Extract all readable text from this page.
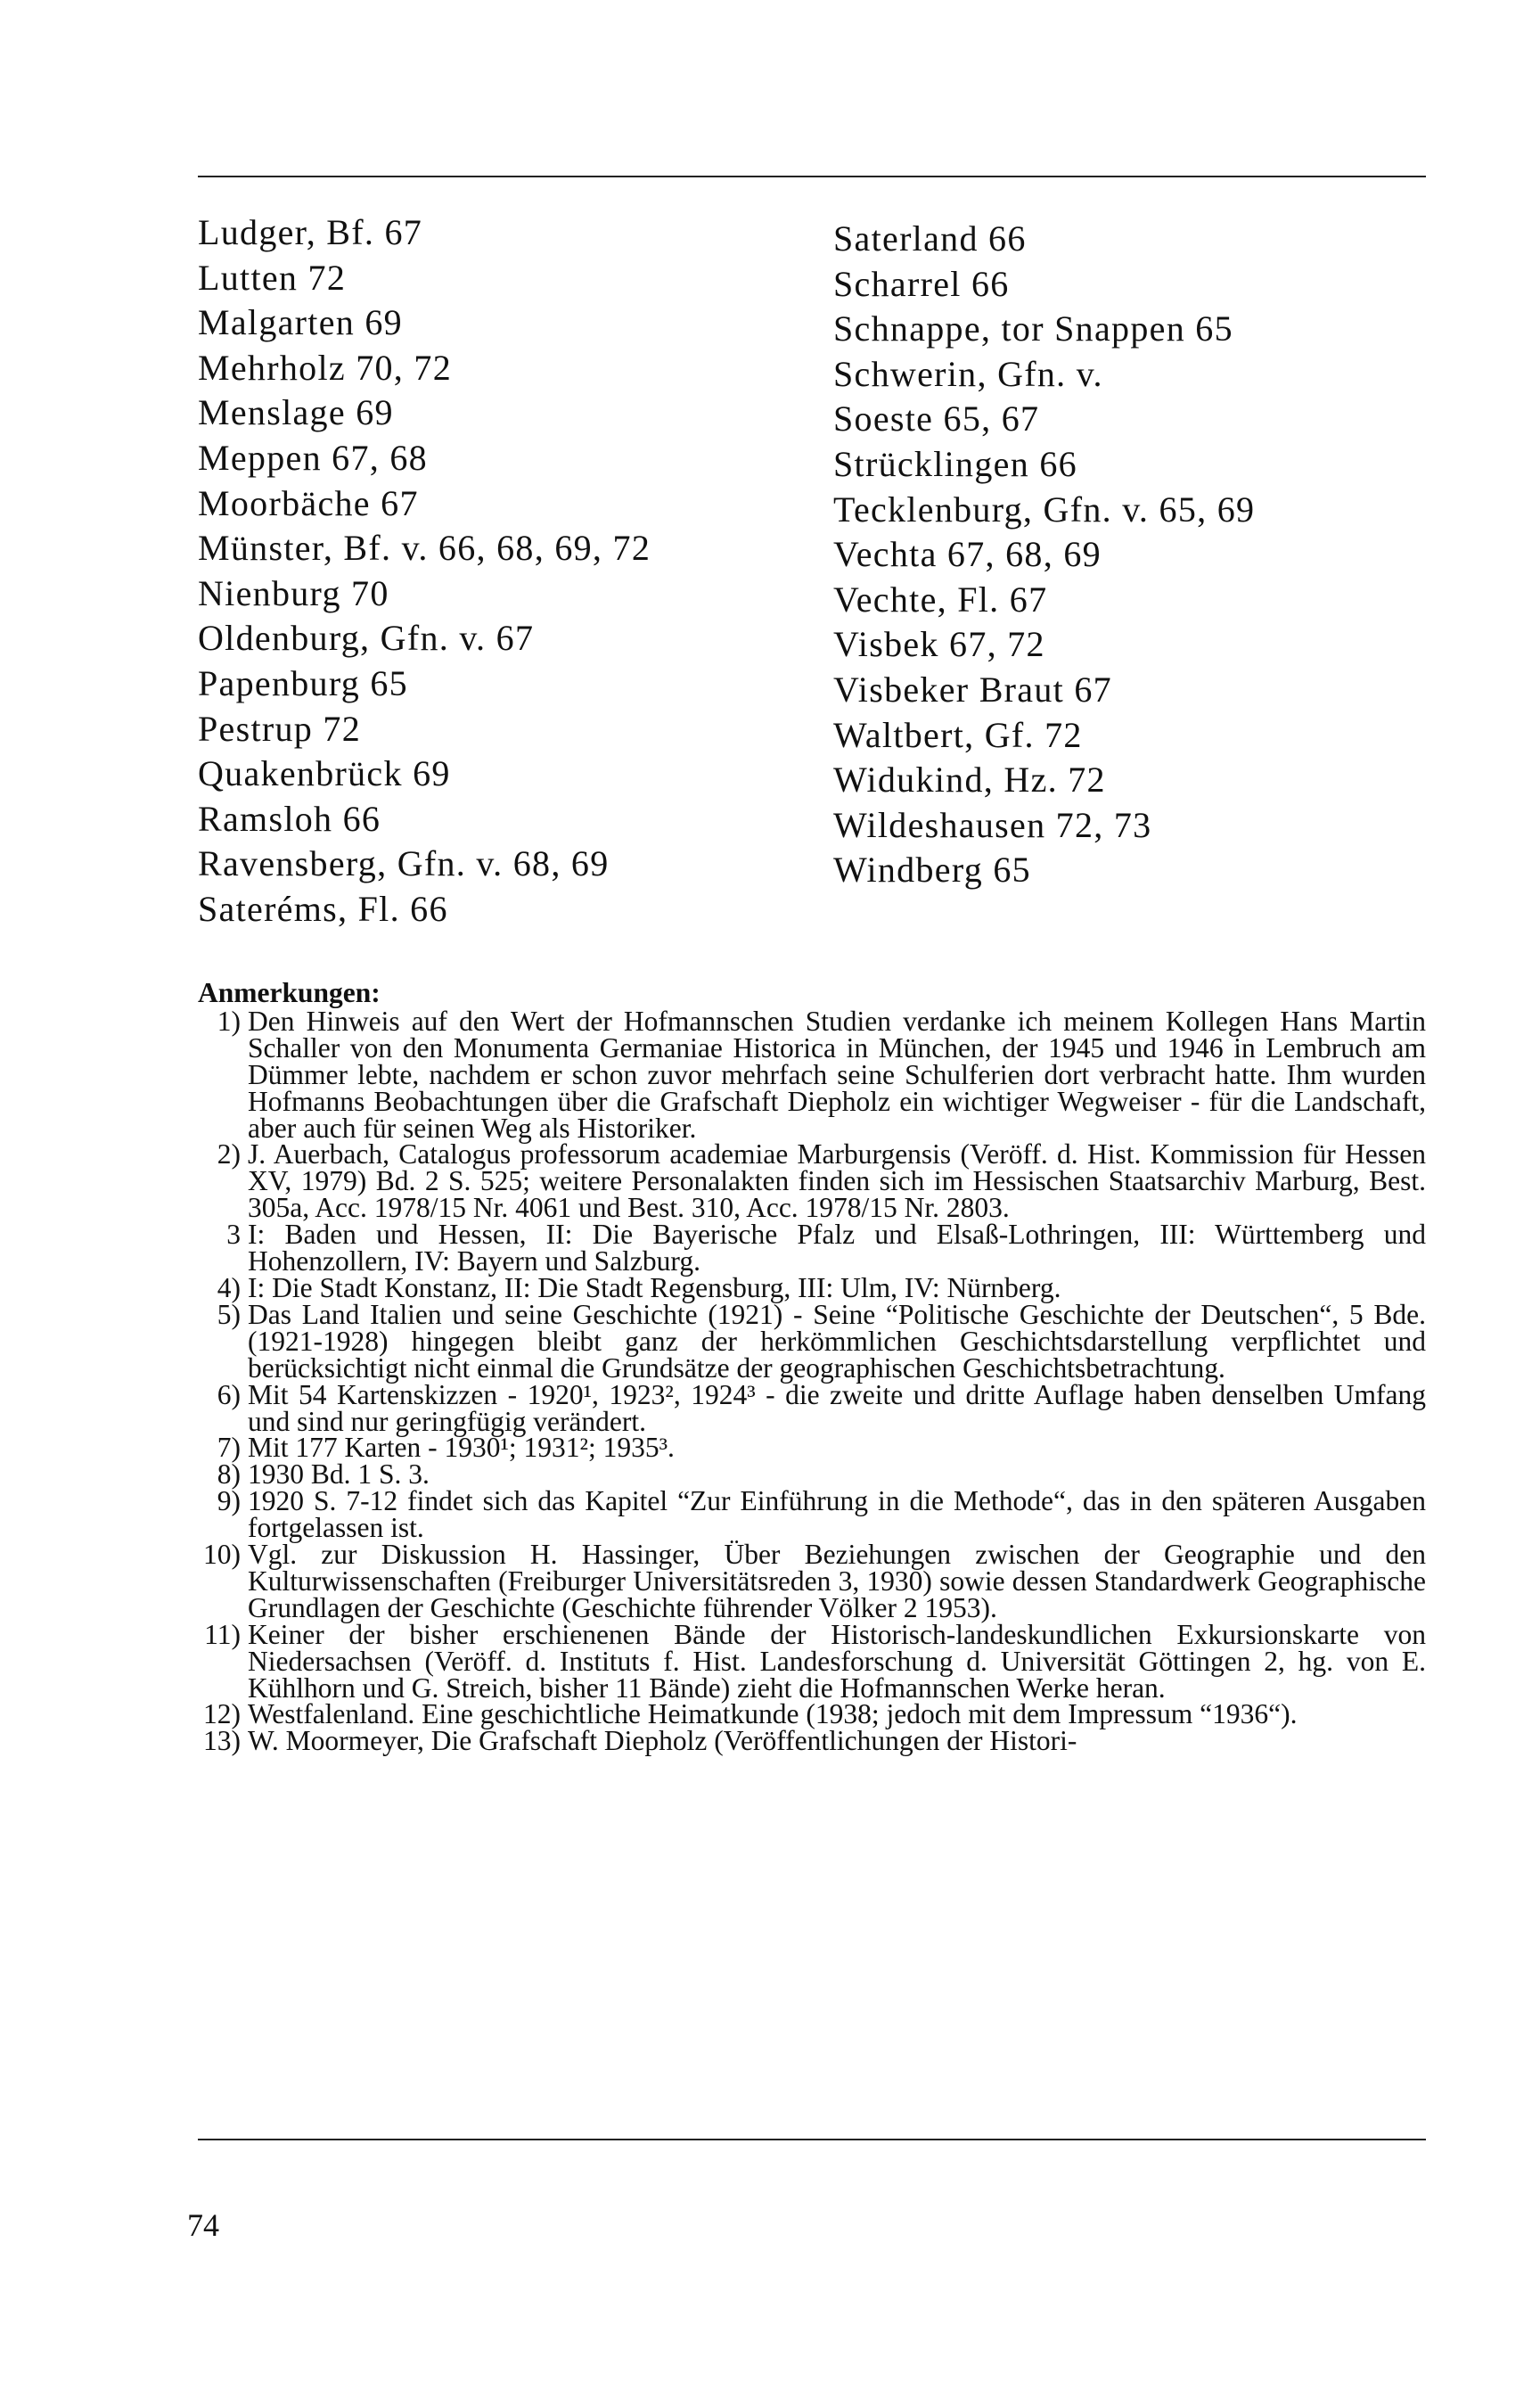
Ludger, Bf. 67
Lutten 72
Malgarten 69
Mehrholz 70, 72
Menslage 69
Meppen 67, 68
Moorbäche 67
Münster, Bf. v. 66, 68, 69, 72
Nienburg 70
Oldenburg, Gfn. v. 67
Papenburg 65
Pestrup 72
Quakenbrück 69
Ramsloh 66
Ravensberg, Gfn. v. 68, 69
Sateréms, Fl. 66
Saterland 66
Scharrel 66
Schnappe, tor Snappen 65
Schwerin, Gfn. v.
Soeste 65, 67
Strücklingen 66
Tecklenburg, Gfn. v. 65, 69
Vechta 67, 68, 69
Vechte, Fl. 67
Visbek 67, 72
Visbeker Braut 67
Waltbert, Gf. 72
Widukind, Hz. 72
Wildeshausen 72, 73
Windberg 65
Anmerkungen:
1) Den Hinweis auf den Wert der Hofmannschen Studien verdanke ich meinem Kollegen Hans Martin Schaller von den Monumenta Germaniae Historica in München, der 1945 und 1946 in Lembruch am Dümmer lebte, nachdem er schon zuvor mehrfach seine Schulferien dort verbracht hatte. Ihm wurden Hofmanns Beobachtungen über die Grafschaft Diepholz ein wichtiger Wegweiser - für die Landschaft, aber auch für seinen Weg als Historiker.
2) J. Auerbach, Catalogus professorum academiae Marburgensis (Veröff. d. Hist. Kommission für Hessen XV, 1979) Bd. 2 S. 525; weitere Personalakten finden sich im Hessischen Staatsarchiv Marburg, Best. 305a, Acc. 1978/15 Nr. 4061 und Best. 310, Acc. 1978/15 Nr. 2803.
3 I: Baden und Hessen, II: Die Bayerische Pfalz und Elsaß-Lothringen, III: Württemberg und Hohenzollern, IV: Bayern und Salzburg.
4) I: Die Stadt Konstanz, II: Die Stadt Regensburg, III: Ulm, IV: Nürnberg.
5) Das Land Italien und seine Geschichte (1921) - Seine “Politische Geschichte der Deutschen“, 5 Bde. (1921-1928) hingegen bleibt ganz der herkömmlichen Geschichtsdarstellung verpflichtet und berücksichtigt nicht einmal die Grundsätze der geographischen Geschichtsbetrachtung.
6) Mit 54 Kartenskizzen - 1920¹, 1923², 1924³ - die zweite und dritte Auflage haben denselben Umfang und sind nur geringfügig verändert.
7) Mit 177 Karten - 1930¹; 1931²; 1935³.
8) 1930 Bd. 1 S. 3.
9) 1920 S. 7-12 findet sich das Kapitel “Zur Einführung in die Methode“, das in den späteren Ausgaben fortgelassen ist.
10) Vgl. zur Diskussion H. Hassinger, Über Beziehungen zwischen der Geographie und den Kulturwissenschaften (Freiburger Universitätsreden 3, 1930) sowie dessen Standardwerk Geographische Grundlagen der Geschichte (Geschichte führender Völker 2 1953).
11) Keiner der bisher erschienenen Bände der Historisch-landeskundlichen Exkursionskarte von Niedersachsen (Veröff. d. Instituts f. Hist. Landesforschung d. Universität Göttingen 2, hg. von E. Kühlhorn und G. Streich, bisher 11 Bände) zieht die Hofmannschen Werke heran.
12) Westfalenland. Eine geschichtliche Heimatkunde (1938; jedoch mit dem Impressum “1936“).
13) W. Moormeyer, Die Grafschaft Diepholz (Veröffentlichungen der Histori-
74
